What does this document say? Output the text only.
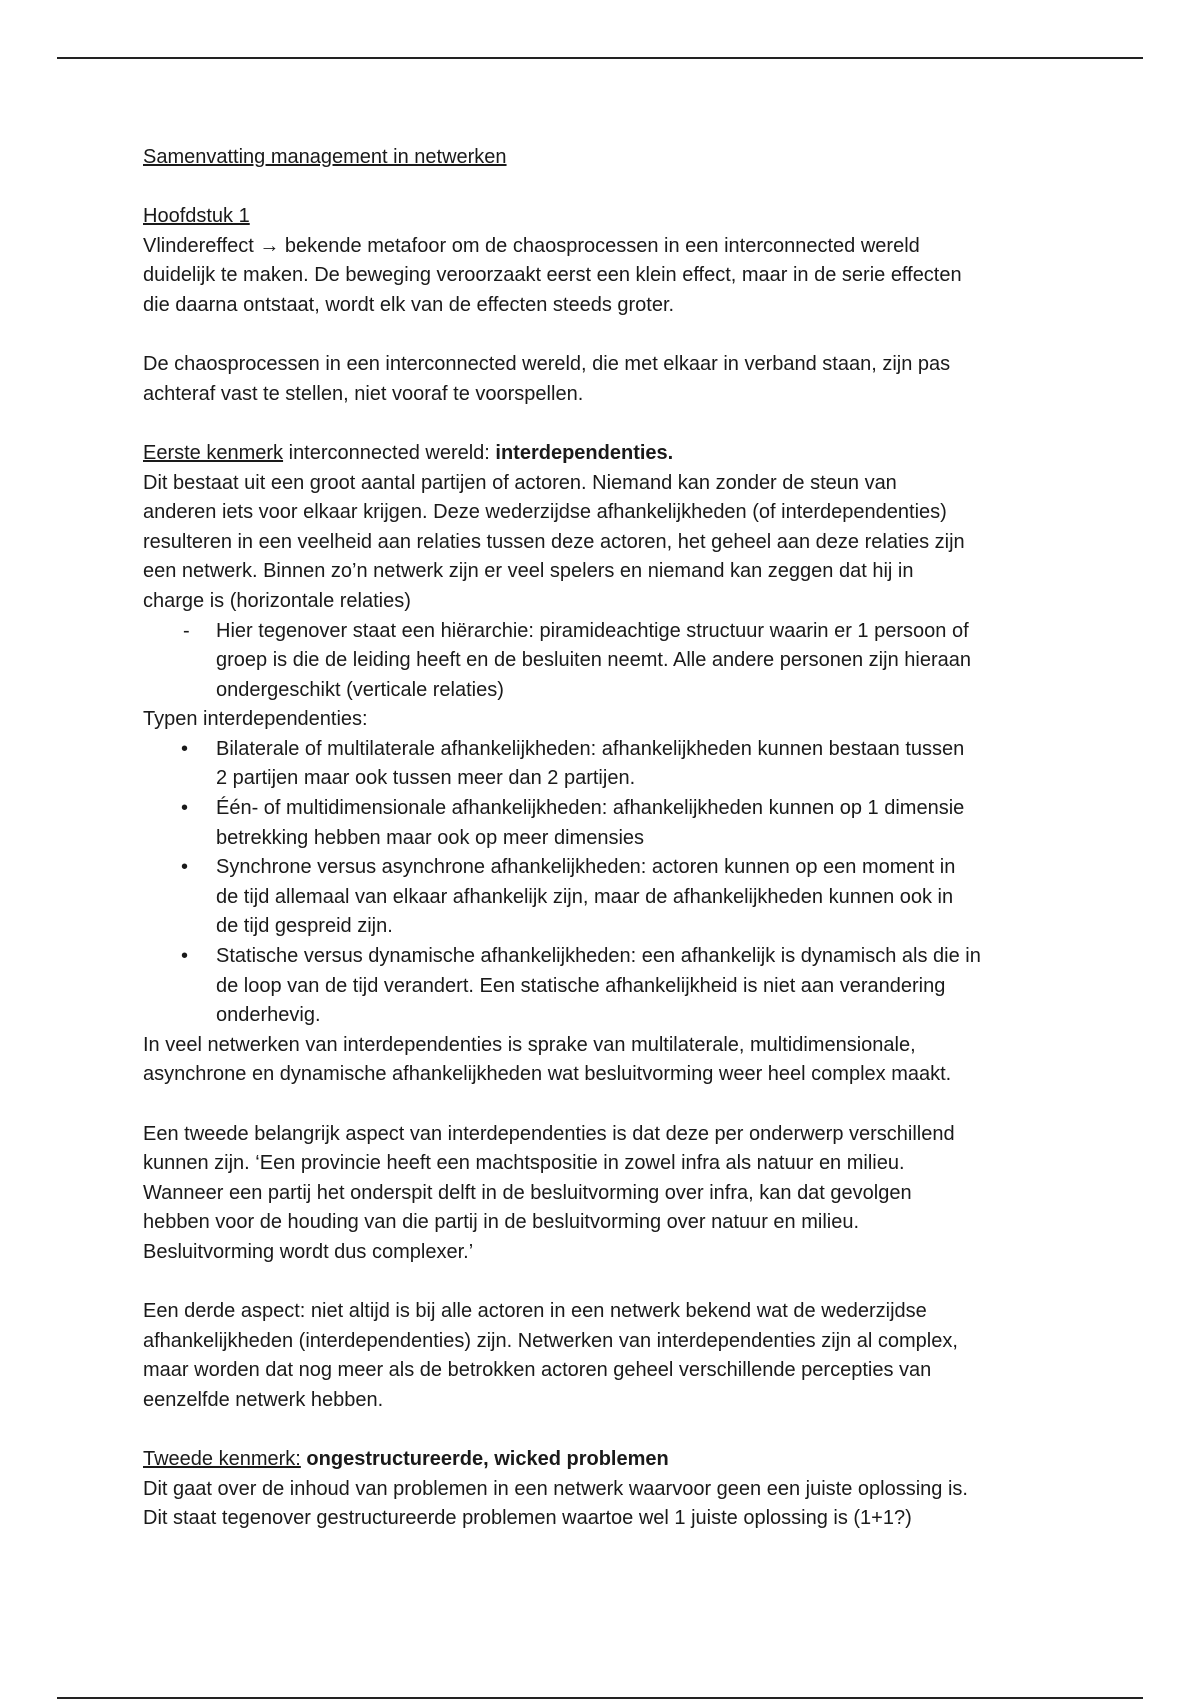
Samenvatting management in netwerken
Hoofdstuk 1
Vlindereffect → bekende metafoor om de chaosprocessen in een interconnected wereld
duidelijk te maken. De beweging veroorzaakt eerst een klein effect, maar in de serie effecten
die daarna ontstaat, wordt elk van de effecten steeds groter.
De chaosprocessen in een interconnected wereld, die met elkaar in verband staan, zijn pas
achteraf vast te stellen, niet vooraf te voorspellen.
Eerste kenmerk interconnected wereld: interdependenties.
Dit bestaat uit een groot aantal partijen of actoren. Niemand kan zonder de steun van
anderen iets voor elkaar krijgen. Deze wederzijdse afhankelijkheden (of interdependenties)
resulteren in een veelheid aan relaties tussen deze actoren, het geheel aan deze relaties zijn
een netwerk. Binnen zo’n netwerk zijn er veel spelers en niemand kan zeggen dat hij in
charge is (horizontale relaties)
- Hier tegenover staat een hiërarchie: piramideachtige structuur waarin er 1 persoon of
groep is die de leiding heeft en de besluiten neemt. Alle andere personen zijn hieraan
ondergeschikt (verticale relaties)
Typen interdependenties:
• Bilaterale of multilaterale afhankelijkheden: afhankelijkheden kunnen bestaan tussen
2 partijen maar ook tussen meer dan 2 partijen.
• Één- of multidimensionale afhankelijkheden: afhankelijkheden kunnen op 1 dimensie
betrekking hebben maar ook op meer dimensies
• Synchrone versus asynchrone afhankelijkheden: actoren kunnen op een moment in
de tijd allemaal van elkaar afhankelijk zijn, maar de afhankelijkheden kunnen ook in
de tijd gespreid zijn.
• Statische versus dynamische afhankelijkheden: een afhankelijk is dynamisch als die in
de loop van de tijd verandert. Een statische afhankelijkheid is niet aan verandering
onderhevig.
In veel netwerken van interdependenties is sprake van multilaterale, multidimensionale,
asynchrone en dynamische afhankelijkheden wat besluitvorming weer heel complex maakt.
Een tweede belangrijk aspect van interdependenties is dat deze per onderwerp verschillend
kunnen zijn. ‘Een provincie heeft een machtspositie in zowel infra als natuur en milieu.
Wanneer een partij het onderspit delft in de besluitvorming over infra, kan dat gevolgen
hebben voor de houding van die partij in de besluitvorming over natuur en milieu.
Besluitvorming wordt dus complexer.’
Een derde aspect: niet altijd is bij alle actoren in een netwerk bekend wat de wederzijdse
afhankelijkheden (interdependenties) zijn. Netwerken van interdependenties zijn al complex,
maar worden dat nog meer als de betrokken actoren geheel verschillende percepties van
eenzelfde netwerk hebben.
Tweede kenmerk: ongestructureerde, wicked problemen
Dit gaat over de inhoud van problemen in een netwerk waarvoor geen een juiste oplossing is.
Dit staat tegenover gestructureerde problemen waartoe wel 1 juiste oplossing is (1+1?)
